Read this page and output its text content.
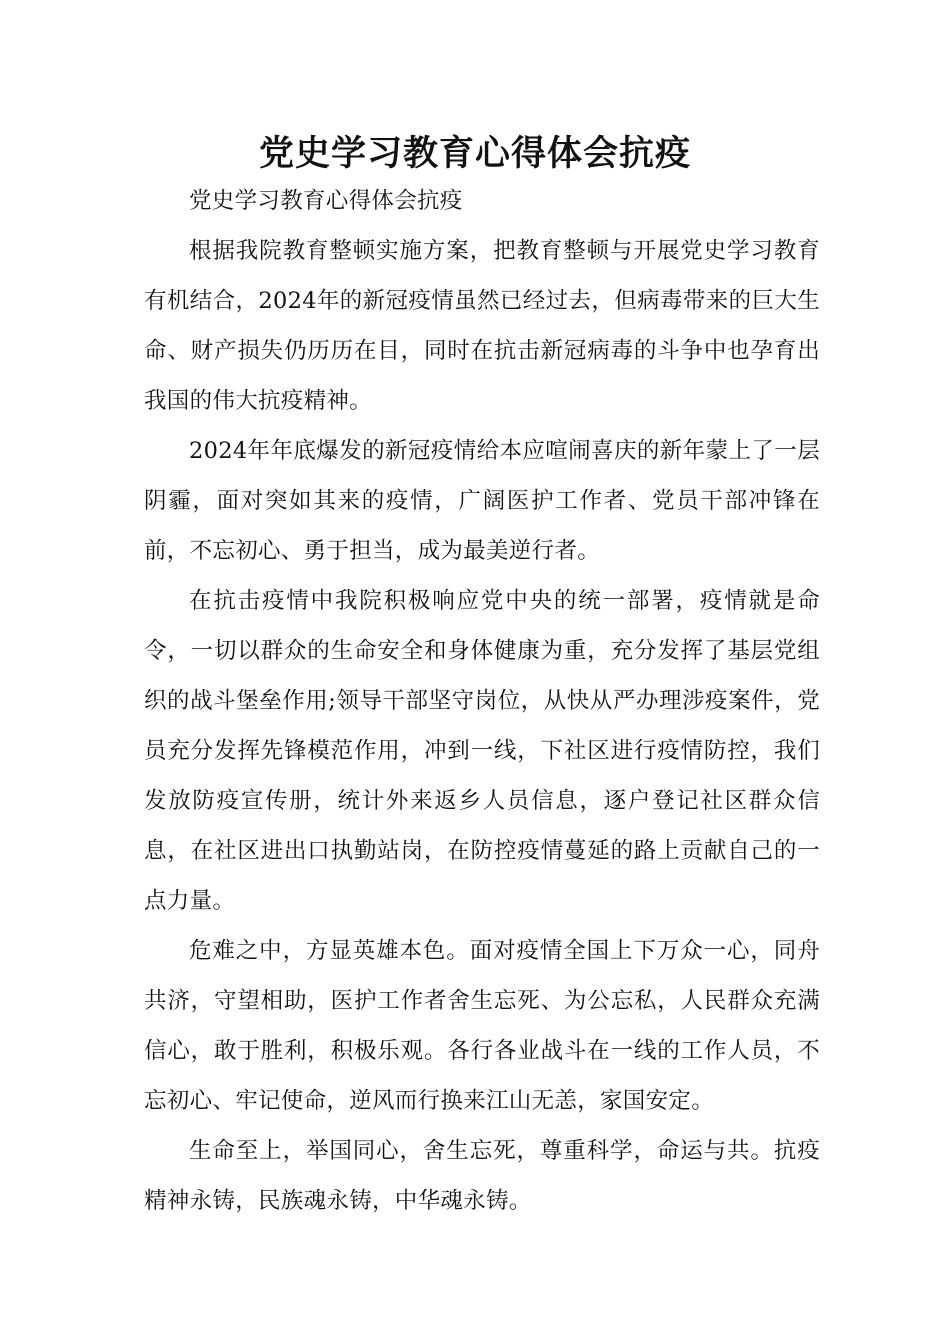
党史学习教育心得体会抗疫

党史学习教育心得体会抗疫

根据我院教育整顿实施方案，把教育整顿与开展党史学习教育有机结合，2024年的新冠疫情虽然已经过去，但病毒带来的巨大生命、财产损失仍历历在目，同时在抗击新冠病毒的斗争中也孕育出我国的伟大抗疫精神。

2024年年底爆发的新冠疫情给本应喧闹喜庆的新年蒙上了一层阴霾，面对突如其来的疫情，广阔医护工作者、党员干部冲锋在前，不忘初心、勇于担当，成为最美逆行者。

在抗击疫情中我院积极响应党中央的统一部署，疫情就是命令，一切以群众的生命安全和身体健康为重，充分发挥了基层党组织的战斗堡垒作用;领导干部坚守岗位，从快从严办理涉疫案件，党员充分发挥先锋模范作用，冲到一线，下社区进行疫情防控，我们发放防疫宣传册，统计外来返乡人员信息，逐户登记社区群众信息，在社区进出口执勤站岗，在防控疫情蔓延的路上贡献自己的一点力量。

危难之中，方显英雄本色。面对疫情全国上下万众一心，同舟共济，守望相助，医护工作者舍生忘死、为公忘私，人民群众充满信心，敢于胜利，积极乐观。各行各业战斗在一线的工作人员，不忘初心、牢记使命，逆风而行换来江山无恙，家国安定。

生命至上，举国同心，舍生忘死，尊重科学，命运与共。抗疫精神永铸，民族魂永铸，中华魂永铸。
